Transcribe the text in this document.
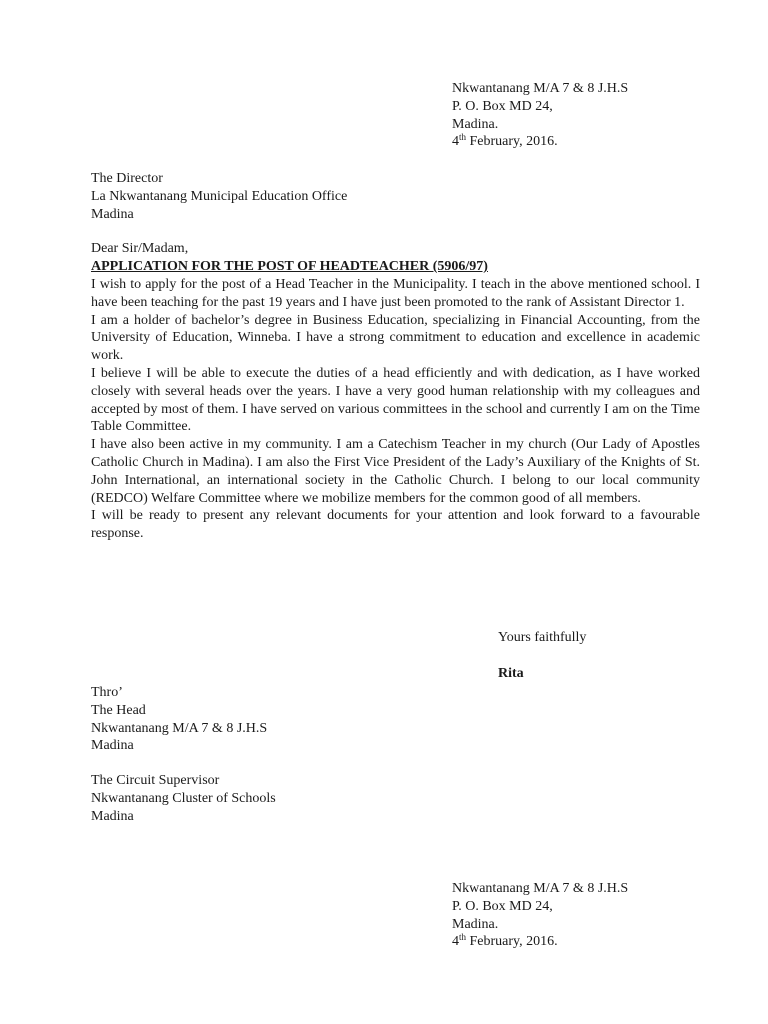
Nkwantanang M/A 7 & 8 J.H.S
P. O. Box MD 24,
Madina.
4th February, 2016.
The Director
La Nkwantanang Municipal Education Office
Madina
Dear Sir/Madam,
APPLICATION FOR THE POST OF HEADTEACHER (5906/97)

I wish to apply for the post of a Head Teacher in the Municipality. I teach in the above mentioned school. I have been teaching for the past 19 years and I have just been promoted to the rank of Assistant Director 1.

I am a holder of bachelor’s degree in Business Education, specializing in Financial Accounting, from the University of Education, Winneba. I have a strong commitment to education and excellence in academic work.

I believe I will be able to execute the duties of a head efficiently and with dedication, as I have worked closely with several heads over the years. I have a very good human relationship with my colleagues and accepted by most of them. I have served on various committees in the school and currently I am on the Time Table Committee.

I have also been active in my community. I am a Catechism Teacher in my church (Our Lady of Apostles Catholic Church in Madina). I am also the First Vice President of the Lady’s Auxiliary of the Knights of St. John International, an international society in the Catholic Church. I belong to our local community (REDCO) Welfare Committee where we mobilize members for the common good of all members.

I will be ready to present any relevant documents for your attention and look forward to a favourable response.

Yours faithfully
Rita
Thro’
The Head
Nkwantanang M/A 7 & 8 J.H.S
Madina
The Circuit Supervisor
Nkwantanang Cluster of Schools
Madina
Nkwantanang M/A 7 & 8 J.H.S
P. O. Box MD 24,
Madina.
4th February, 2016.
